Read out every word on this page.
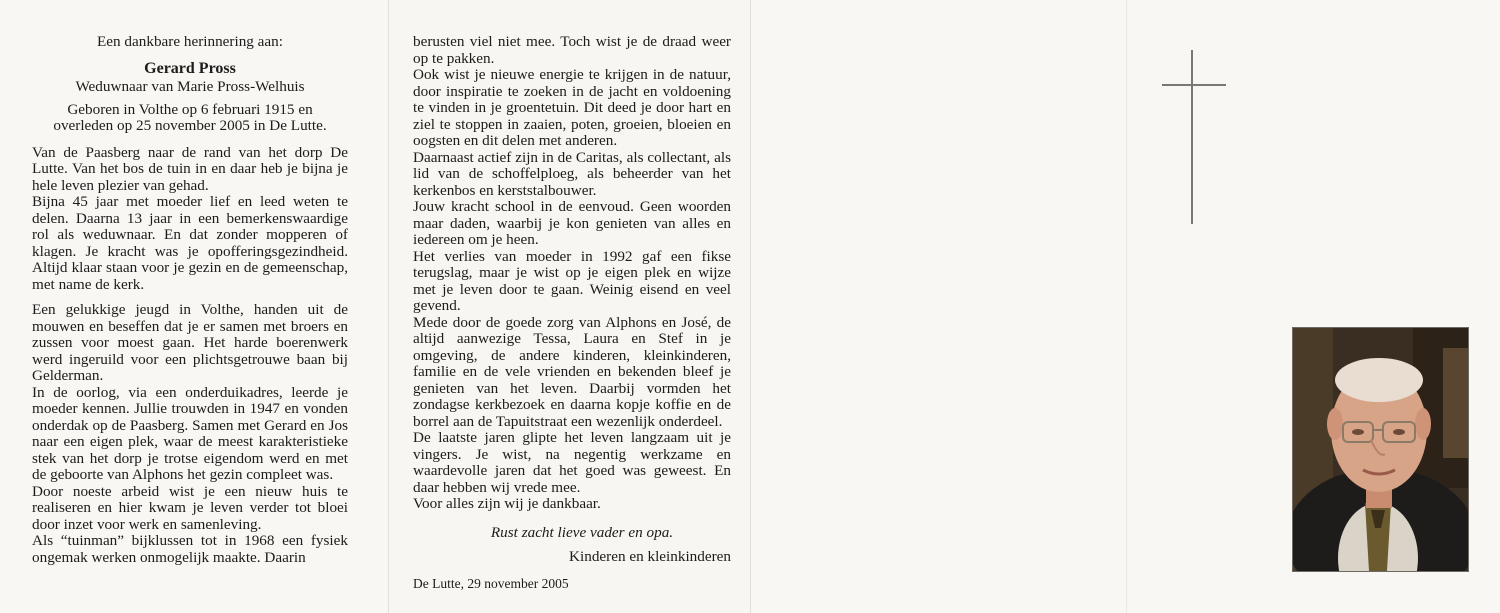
Een dankbare herinnering aan:

Gerard Pross

Weduwnaar van Marie Pross-Welhuis

Geboren in Volthe op 6 februari 1915 en

overleden op 25 november 2005 in De Lutte.

Van de Paasberg naar de rand van het dorp De Lutte. Van het bos de tuin in en daar heb je bijna je hele leven plezier van gehad.

Bijna 45 jaar met moeder lief en leed weten te delen. Daarna 13 jaar in een bemerkenswaardige rol als weduwnaar. En dat zonder mopperen of klagen. Je kracht was je opofferingsgezindheid. Altijd klaar staan voor je gezin en de gemeenschap, met name de kerk.

Een gelukkige jeugd in Volthe, handen uit de mouwen en beseffen dat je er samen met broers en zussen voor moest gaan. Het harde boerenwerk werd ingeruild voor een plichtsgetrouwe baan bij Gelderman.

In de oorlog, via een onderduikadres, leerde je moeder kennen. Jullie trouwden in 1947 en vonden onderdak op de Paasberg. Samen met Gerard en Jos naar een eigen plek, waar de meest karakteristieke stek van het dorp je trotse eigendom werd en met de geboorte van Alphons het gezin compleet was.

Door noeste arbeid wist je een nieuw huis te realiseren en hier kwam je leven verder tot bloei door inzet voor werk en samenleving.

Als “tuinman” bijklussen tot in 1968 een fysiek ongemak werken onmogelijk maakte. Daarin

berusten viel niet mee. Toch wist je de draad weer op te pakken.

Ook wist je nieuwe energie te krijgen in de natuur, door inspiratie te zoeken in de jacht en voldoening te vinden in je groentetuin. Dit deed je door hart en ziel te stoppen in zaaien, poten, groeien, bloeien en oogsten en dit delen met anderen.

Daarnaast actief zijn in de Caritas, als collectant, als lid van de schoffelploeg, als beheerder van het kerkenbos en kerststalbouwer.

Jouw kracht school in de eenvoud. Geen woorden maar daden, waarbij je kon genieten van alles en iedereen om je heen.

Het verlies van moeder in 1992 gaf een fikse terugslag, maar je wist op je eigen plek en wijze met je leven door te gaan. Weinig eisend en veel gevend.

Mede door de goede zorg van Alphons en José, de altijd aanwezige Tessa, Laura en Stef in je omgeving, de andere kinderen, kleinkinderen, familie en de vele vrienden en bekenden bleef je genieten van het leven. Daarbij vormden het zondagse kerkbezoek en daarna kopje koffie en de borrel aan de Tapuitstraat een wezenlijk onderdeel.

De laatste jaren glipte het leven langzaam uit je vingers. Je wist, na negentig werkzame en waardevolle jaren dat het goed was geweest. En daar hebben wij vrede mee.

Voor alles zijn wij je dankbaar.

Rust zacht lieve vader en opa.

Kinderen en kleinkinderen

De Lutte, 29 november 2005
